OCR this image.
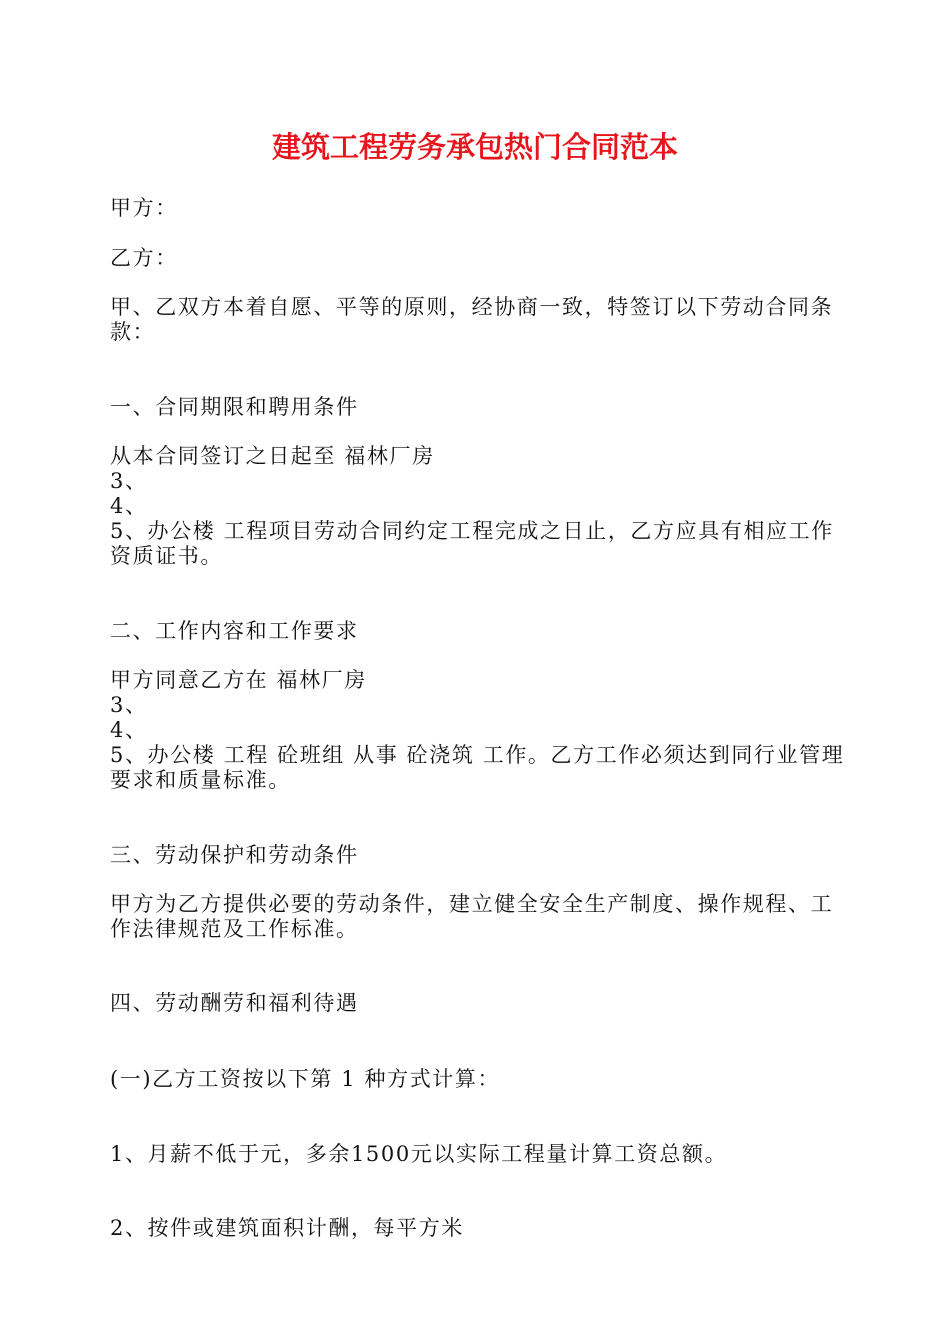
建筑工程劳务承包热门合同范本
甲方：
乙方：
甲、乙双方本着自愿、平等的原则，经协商一致，特签订以下劳动合同条款：
一、合同期限和聘用条件
从本合同签订之日起至 福林厂房
3、
4、
5、办公楼 工程项目劳动合同约定工程完成之日止，乙方应具有相应工作资质证书。
二、工作内容和工作要求
甲方同意乙方在 福林厂房
3、
4、
5、办公楼 工程 砼班组 从事 砼浇筑 工作。乙方工作必须达到同行业管理要求和质量标准。
三、劳动保护和劳动条件
甲方为乙方提供必要的劳动条件，建立健全安全生产制度、操作规程、工作法律规范及工作标准。
四、劳动酬劳和福利待遇
(一)乙方工资按以下第 1 种方式计算：
1、月薪不低于元，多余1500元以实际工程量计算工资总额。
2、按件或建筑面积计酬，每平方米
